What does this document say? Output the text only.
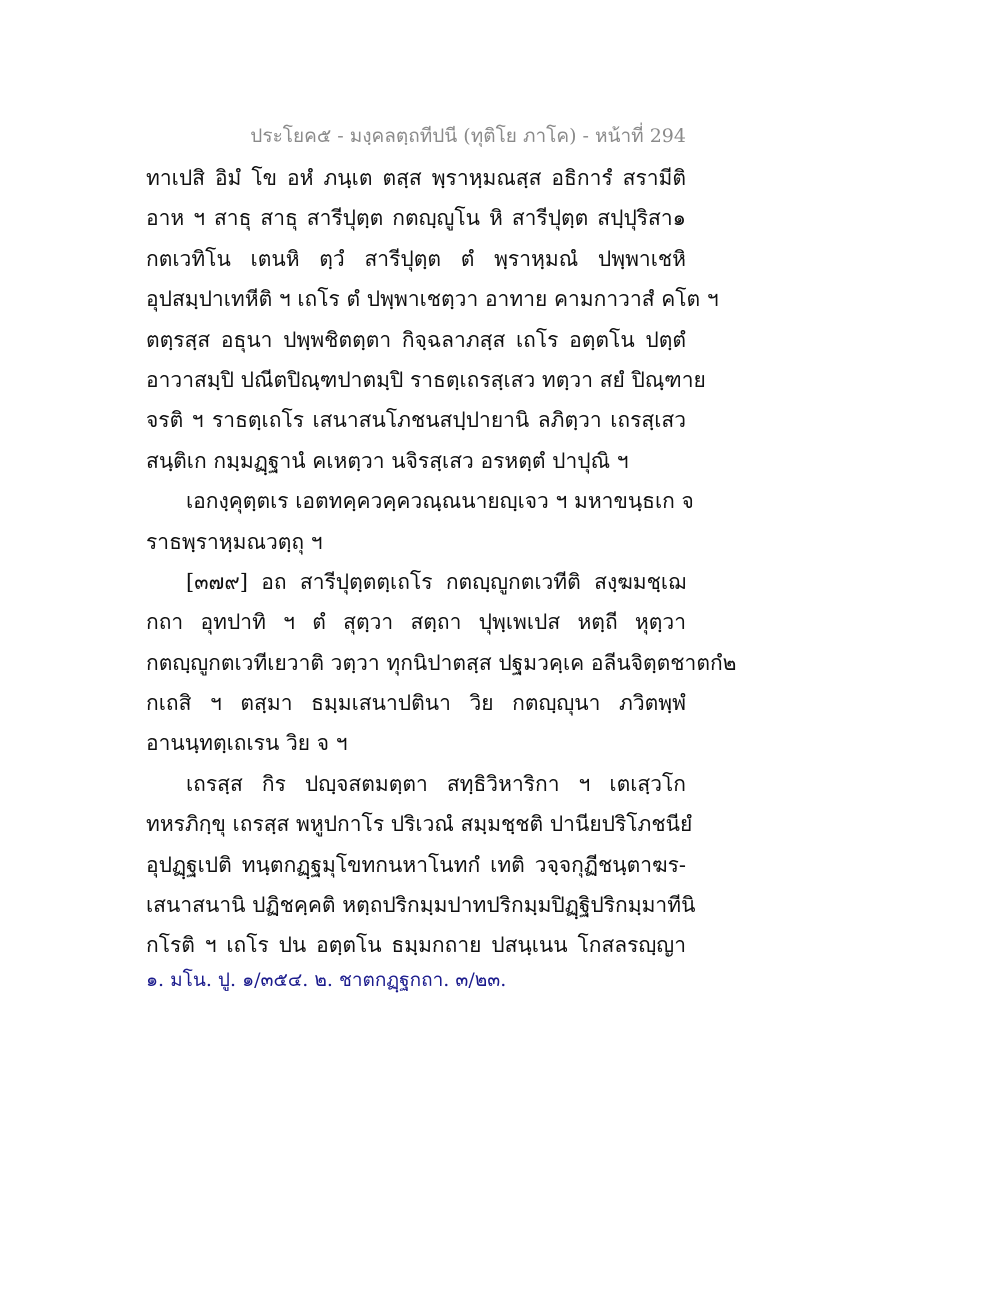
ประโยค๕ - มงฺคลตฺถทีปนี (ทุติโย ภาโค) - หน้าที่ 294
ทาเปสิ อิมํ โข อหํ ภนฺเต ตสฺส พฺราหฺมณสฺส อธิการํ สรามีติ
อาห ฯ สาธุ สาธุ สารีปุตฺต กตญฺญูโน หิ สารีปุตฺต สปฺปุริสา๑
กตเวทิโน เตนหิ ตฺวํ สารีปุตฺต ตํ พฺราหฺมณํ ปพฺพาเชหิ
อุปสมฺปาเทหีติ ฯ เถโร ตํ ปพฺพาเชตฺวา อาทาย คามกาวาสํ คโต ฯ
ตตฺรสฺส อธุนา ปพฺพชิตตฺตา กิจฺฉลาภสฺส เถโร อตฺตโน ปตฺตํ
อาวาสมฺปิ ปณีตปิณฺฑปาตมฺปิ ราธตฺเถรสฺเสว ทตฺวา สยํ ปิณฺฑาย
จรติ ฯ ราธตฺเถโร เสนาสนโภชนสปฺปายานิ ลภิตฺวา เถรสฺเสว
สนฺติเก กมฺมฏฺฐานํ คเหตฺวา นจิรสฺเสว อรหตฺตํ ปาปุณิ ฯ
เอกงฺคุตฺตเร เอตทคฺควคฺควณฺณนายญฺเจว ฯ มหาขนฺธเก จ
ราธพฺราหฺมณวตฺถุ ฯ
[๓๗๙] อถ สารีปุตฺตตฺเถโร กตญฺญูกตเวทีติ สงฺฆมชฺเฌ
กถา อุทปาทิ ฯ ตํ สุตฺวา สตฺถา ปุพฺเพเปส หตฺถี หุตฺวา
กตญฺญูกตเวทีเยวาติ วตฺวา ทุกนิปาตสฺส ปฐมวคฺเค อลีนจิตฺตชาตกํ๒
กเถสิ ฯ ตสฺมา ธมฺมเสนาปตินา วิย กตญฺญุนา ภวิตพฺพํ
อานนฺทตฺเถเรน วิย จ ฯ
เถรสฺส กิร ปญฺจสตมตฺตา สทฺธิวิหาริกา ฯ เตเสฺวโก
ทหรภิกฺขุ เถรสฺส พหูปกาโร ปริเวณํ สมฺมชฺชติ ปานียปริโภชนียํ
อุปฏฺฐเปติ ทนฺตกฏฺฐมุโขทกนหาโนทกํ เทติ วจฺจกุฏีชนฺตาฆร-
เสนาสนานิ ปฏิชคฺคติ หตฺถปริกมฺมปาทปริกมฺมปิฏฺฐิปริกมฺมาทีนิ
กโรติ ฯ เถโร ปน อตฺตโน ธมฺมกถาย ปสนฺเนน โกสลรญฺญา
๑. มโน. ปู. ๑/๓๕๔. ๒. ชาตกฏฺฐกถา. ๓/๒๓.
